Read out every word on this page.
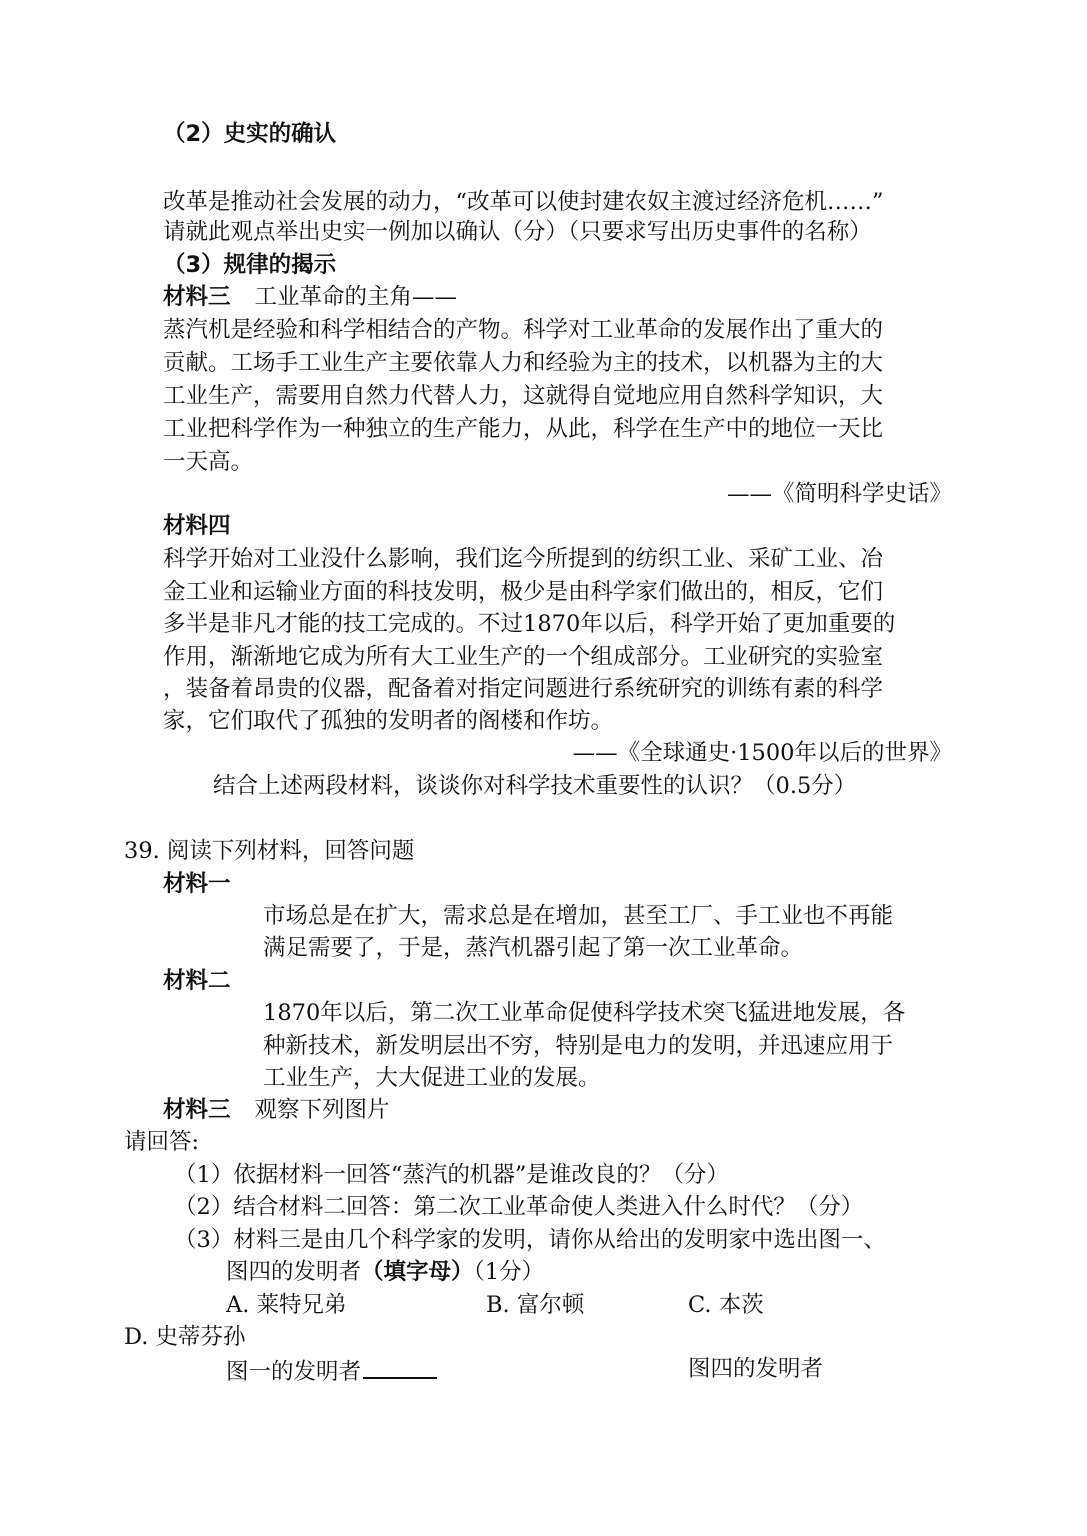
（2）史实的确认
改革是推动社会发展的动力，“改革可以使封建农奴主渡过经济危机……”
请就此观点举出史实一例加以确认（分）（只要求写出历史事件的名称）
（3）规律的揭示
材料三 工业革命的主角——
蒸汽机是经验和科学相结合的产物。科学对工业革命的发展作出了重大的
贡献。工场手工业生产主要依靠人力和经验为主的技术，以机器为主的大
工业生产，需要用自然力代替人力，这就得自觉地应用自然科学知识，大
工业把科学作为一种独立的生产能力，从此，科学在生产中的地位一天比
一天高。
——《简明科学史话》
材料四
科学开始对工业没什么影响，我们迄今所提到的纺织工业、采矿工业、冶
金工业和运输业方面的科技发明，极少是由科学家们做出的，相反，它们
多半是非凡才能的技工完成的。不过1870年以后，科学开始了更加重要的
作用，渐渐地它成为所有大工业生产的一个组成部分。工业研究的实验室
，装备着昂贵的仪器，配备着对指定问题进行系统研究的训练有素的科学
家，它们取代了孤独的发明者的阁楼和作坊。
——《全球通史·1500年以后的世界》
结合上述两段材料，谈谈你对科学技术重要性的认识？（0.5分）
39. 阅读下列材料，回答问题
材料一
市场总是在扩大，需求总是在增加，甚至工厂、手工业也不再能
满足需要了，于是，蒸汽机器引起了第一次工业革命。
材料二
1870年以后，第二次工业革命促使科学技术突飞猛进地发展，各
种新技术，新发明层出不穷，特别是电力的发明，并迅速应用于
工业生产，大大促进工业的发展。
材料三 观察下列图片
请回答:
（1）依据材料一回答“蒸汽的机器”是谁改良的？（分）
（2）结合材料二回答：第二次工业革命使人类进入什么时代？（分）
（3）材料三是由几个科学家的发明，请你从给出的发明家中选出图一、
图四的发明者（填字母）（1分）
A. 莱特兄弟	B. 富尔顿	C. 本茨
D. 史蒂芬孙
图一的发明者	图四的发明者
